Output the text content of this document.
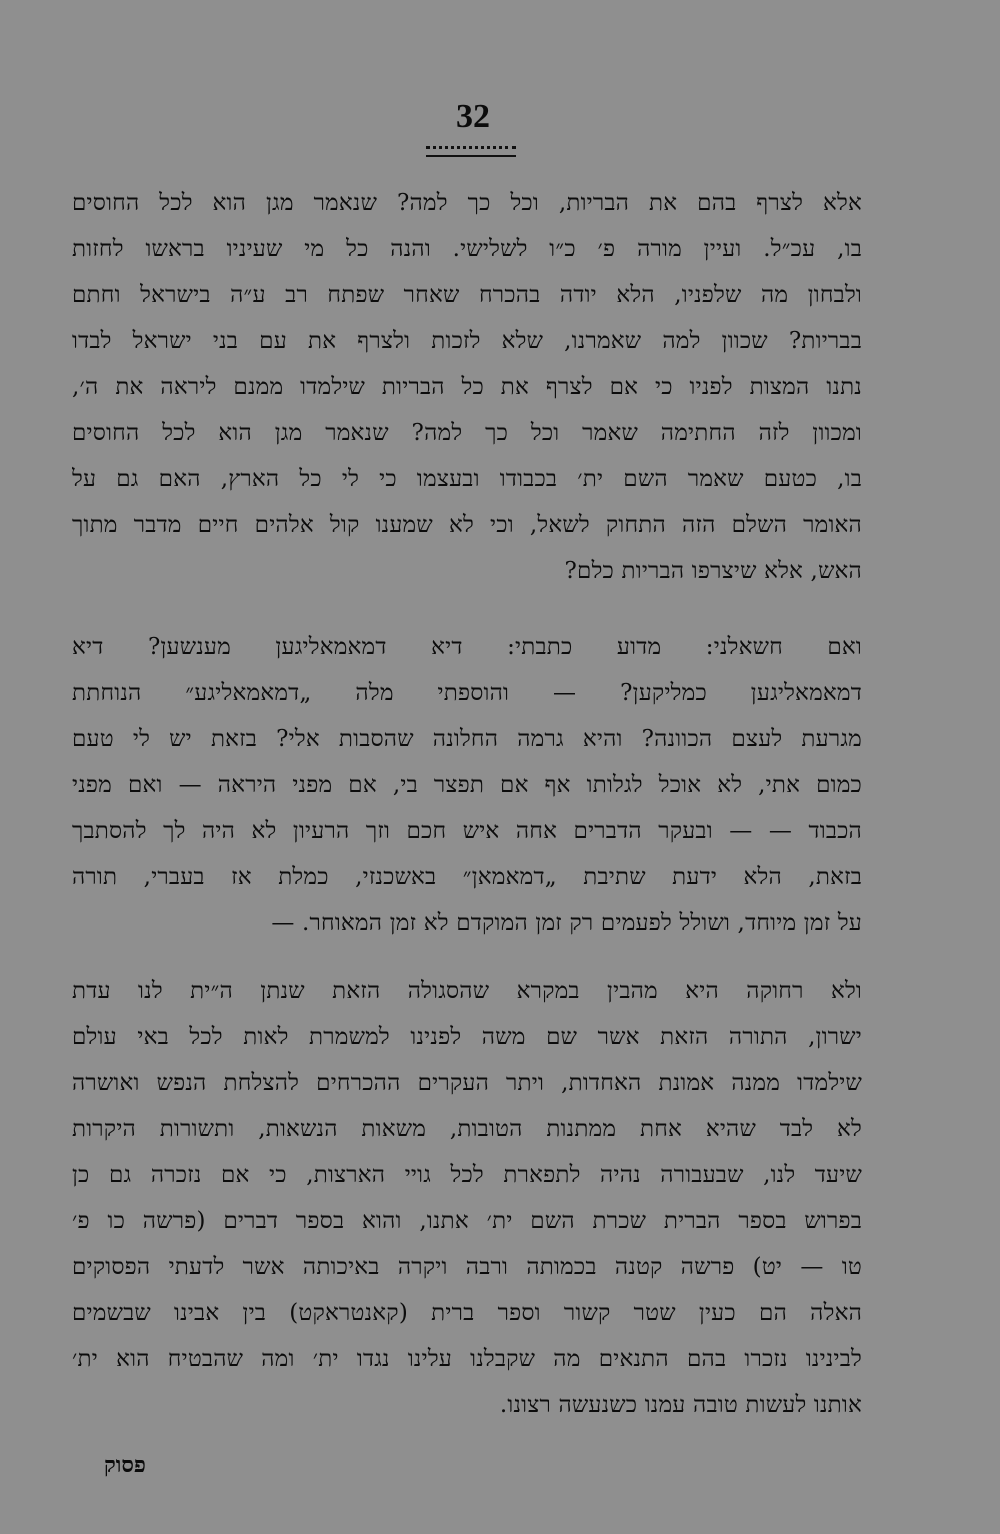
32
אלא לצרף בהם את הבריות, וכל כך למה? שנאמר מגן הוא לכל החוסים
בו, עכ״ל. ועיין מורה פ׳ כ״ו לשלישי. והנה כל מי שעיניו בראשו לחזות
ולבחון מה שלפניו, הלא יודה בהכרח שאחר שפתח רב ע״ה בישראל וחתם
בבריות? שכוון למה שאמרנו, שלא לזכות ולצרף את עם בני ישראל לבדו
נתנו המצות לפניו כי אם לצרף את כל הבריות שילמדו ממנם ליראה את ה׳,
ומכוון לזה החתימה שאמר וכל כך למה? שנאמר מגן הוא לכל החוסים
בו, כטעם שאמר השם ית׳ בכבודו ובעצמו כי לי כל הארץ, האם גם על
האומר השלם הזה התחוק לשאל, וכי לא שמענו קול אלהים חיים מדבר מתוך
האש, אלא שיצרפו הבריות כלם?
ואם חשאלני: מדוע כתבתי: דיא דמאמאליגען מענשען? דיא
דמאמאליגען כמליקען? — והוספתי מלה „דמאמאליגע״ הנוחתת
מגרעת לעצם הכוונה? והיא גרמה החלונה שהסבות אלי? בזאת יש לי טעם
כמום אתי, לא אוכל לגלותו אף אם תפצר בי, אם מפני היראה — ואם מפני
הכבוד — — ובעקר הדברים אחה איש חכם וזך הרעיון לא היה לך להסתבך
בזאת, הלא ידעת שתיבת „דמאמאן״ באשכנזי, כמלת אז בעברי, תורה
על זמן מיוחד, ושולל לפעמים רק זמן המוקדם לא זמן המאוחר. —
ולא רחוקה היא מהבין במקרא שהסגולה הזאת שנתן ה״ית לנו עדת
ישרון, התורה הזאת אשר שם משה לפנינו למשמרת לאות לכל באי עולם
שילמדו ממנה אמונת האחדות, ויתר העקרים ההכרחים להצלחת הנפש ואושרה
לא לבד שהיא אחת ממתנות הטובות, משאות הנשאות, ותשורות היקרות
שיעד לנו, שבעבורה נהיה לתפארת לכל גויי הארצות, כי אם נזכרה גם כן
בפרוש בספר הברית שכרת השם ית׳ אתנו, והוא בספר דברים (פרשה כו פ׳
טו — יט) פרשה קטנה בכמותה ורבה ויקרה באיכותה אשר לדעתי הפסוקים
האלה הם כעין שטר קשור וספר ברית (קאנטראקט) בין אבינו שבשמים
לבינינו נזכרו בהם התנאים מה שקבלנו עלינו נגדו ית׳ ומה שהבטיח הוא ית׳
אותנו לעשות טובה עמנו כשנעשה רצונו.
פסוק
